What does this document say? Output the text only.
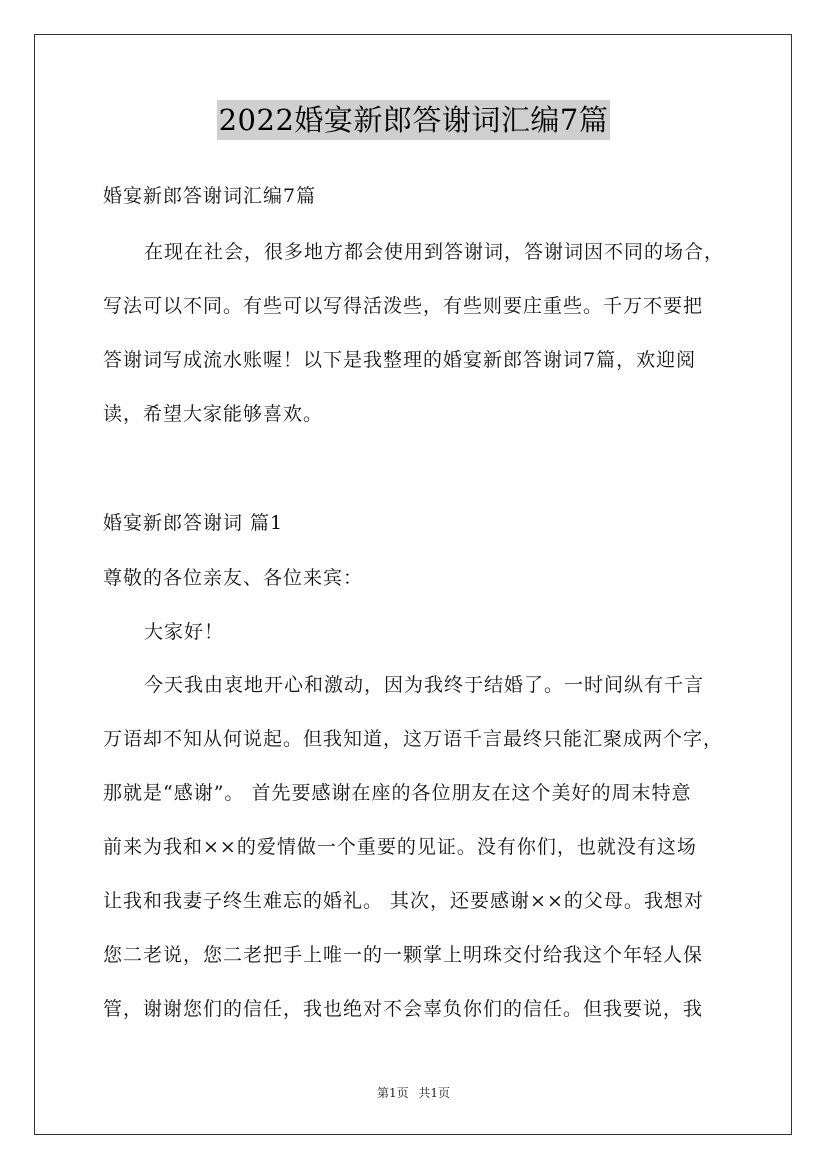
2022婚宴新郎答谢词汇编7篇
婚宴新郎答谢词汇编7篇
在现在社会，很多地方都会使用到答谢词，答谢词因不同的场合，
写法可以不同。有些可以写得活泼些，有些则要庄重些。千万不要把
答谢词写成流水账喔！以下是我整理的婚宴新郎答谢词7篇，欢迎阅
读，希望大家能够喜欢。
婚宴新郎答谢词 篇1
尊敬的各位亲友、各位来宾：
大家好！
今天我由衷地开心和激动，因为我终于结婚了。一时间纵有千言
万语却不知从何说起。但我知道，这万语千言最终只能汇聚成两个字，
那就是“感谢”。 首先要感谢在座的各位朋友在这个美好的周末特意
前来为我和××的爱情做一个重要的见证。没有你们，也就没有这场
让我和我妻子终生难忘的婚礼。 其次，还要感谢××的父母。我想对
您二老说，您二老把手上唯一的一颗掌上明珠交付给我这个年轻人保
管，谢谢您们的信任，我也绝对不会辜负你们的信任。但我要说，我
第1页 共1页
